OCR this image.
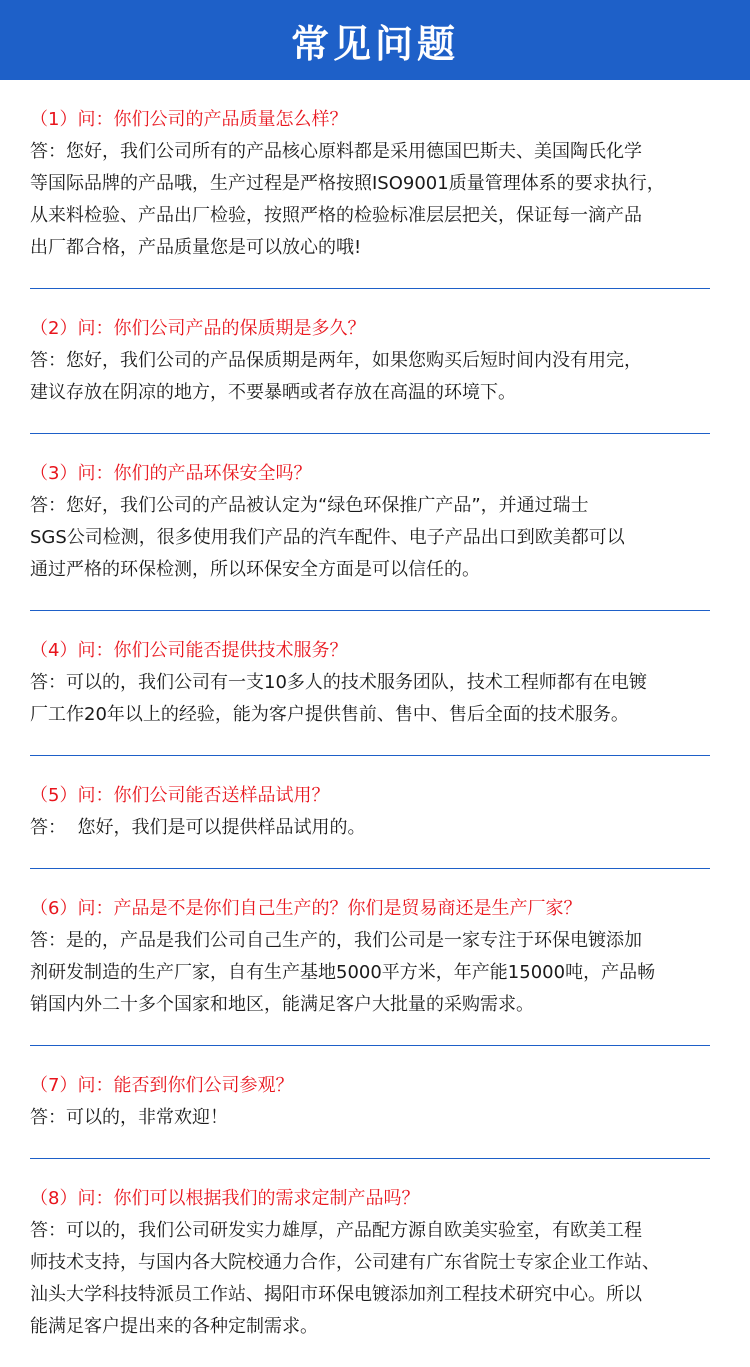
常见问题
（1）问：你们公司的产品质量怎么样？
答：您好，我们公司所有的产品核心原料都是采用德国巴斯夫、美国陶氏化学
等国际品牌的产品哦，生产过程是严格按照ISO9001质量管理体系的要求执行，
从来料检验、产品出厂检验，按照严格的检验标准层层把关，保证每一滴产品
出厂都合格，产品质量您是可以放心的哦!
（2）问：你们公司产品的保质期是多久？
答：您好，我们公司的产品保质期是两年，如果您购买后短时间内没有用完，
建议存放在阴凉的地方，不要暴晒或者存放在高温的环境下。
（3）问：你们的产品环保安全吗？
答：您好，我们公司的产品被认定为“绿色环保推广产品”，并通过瑞士
SGS公司检测，很多使用我们产品的汽车配件、电子产品出口到欧美都可以
通过严格的环保检测，所以环保安全方面是可以信任的。
（4）问：你们公司能否提供技术服务？
答：可以的，我们公司有一支10多人的技术服务团队，技术工程师都有在电镀
厂工作20年以上的经验，能为客户提供售前、售中、售后全面的技术服务。
（5）问：你们公司能否送样品试用？
答：  您好，我们是可以提供样品试用的。
（6）问：产品是不是你们自己生产的？你们是贸易商还是生产厂家？
答：是的，产品是我们公司自己生产的，我们公司是一家专注于环保电镀添加
剂研发制造的生产厂家，自有生产基地5000平方米，年产能15000吨，产品畅
销国内外二十多个国家和地区，能满足客户大批量的采购需求。
（7）问：能否到你们公司参观？
答：可以的，非常欢迎！
（8）问：你们可以根据我们的需求定制产品吗？
答：可以的，我们公司研发实力雄厚，产品配方源自欧美实验室，有欧美工程
师技术支持，与国内各大院校通力合作，公司建有广东省院士专家企业工作站、
汕头大学科技特派员工作站、揭阳市环保电镀添加剂工程技术研究中心。所以
能满足客户提出来的各种定制需求。
